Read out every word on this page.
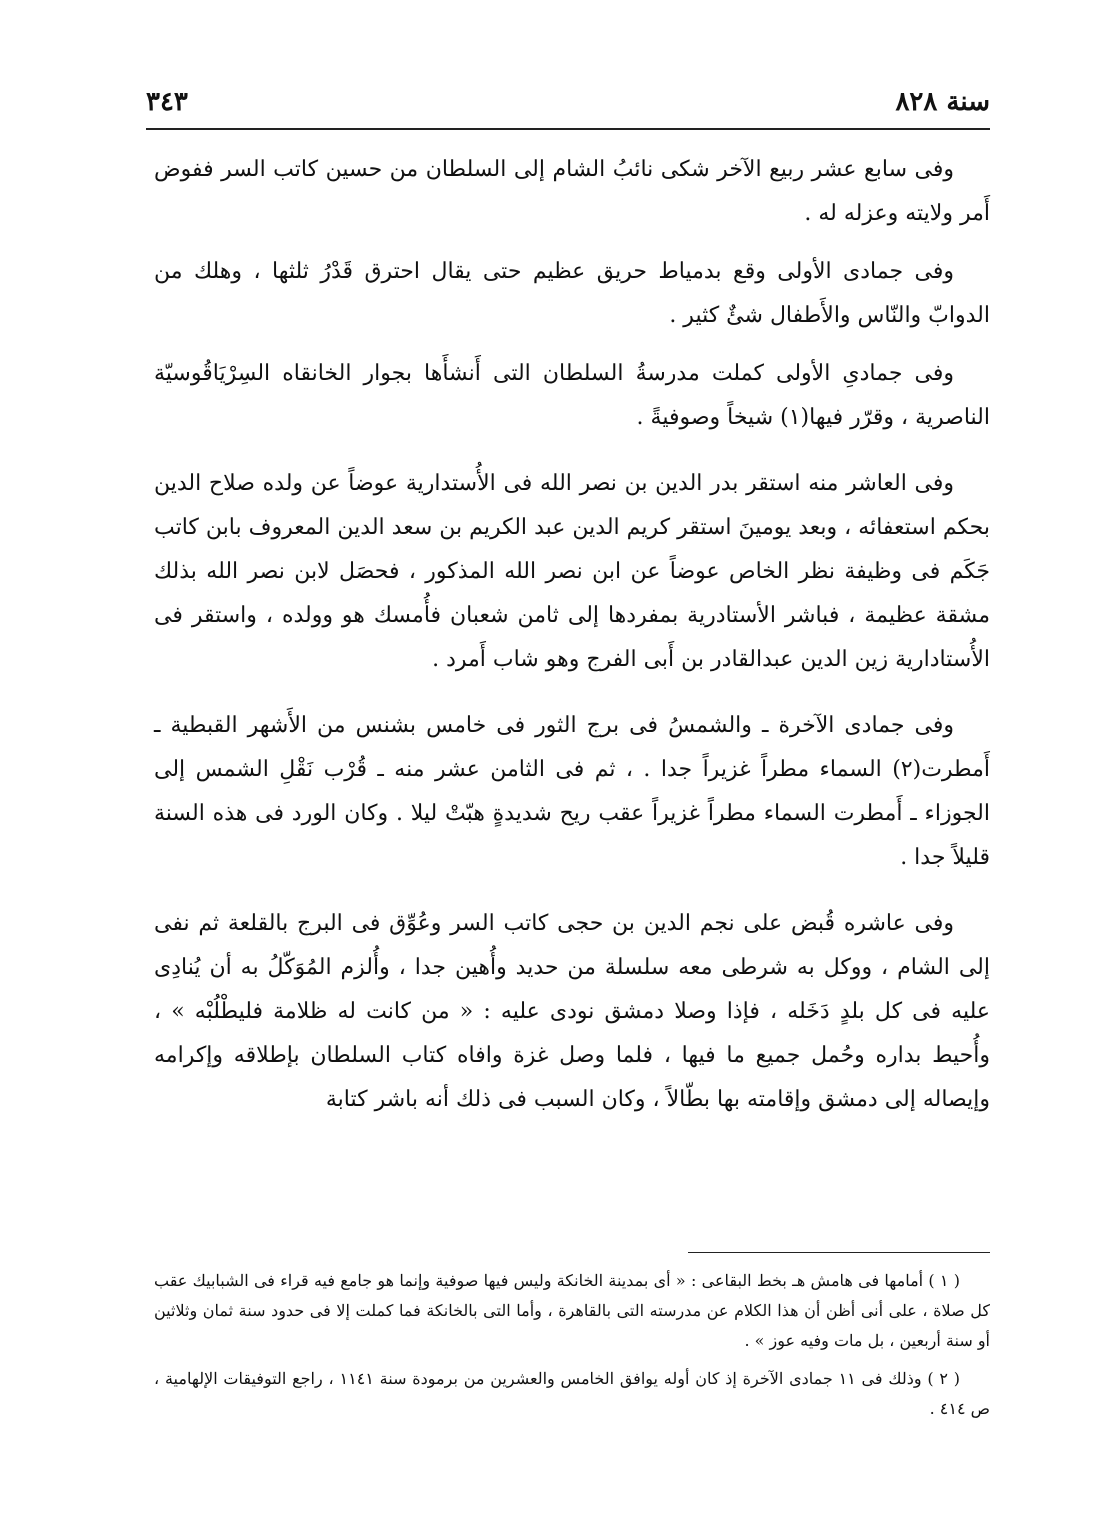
سنة ٨٢٨
٣٤٣

وفى سابع عشر ربيع الآخر شكى نائبُ الشام إلى السلطان من حسين كاتب السر ففوض أَمر ولايته وعزله له .

وفى جمادى الأولى وقع بدمياط حريق عظيم حتى يقال احترق قَدْرُ ثلثها ، وهلك من الدوابّ والنّاس والأَطفال شئٌ كثير .

وفى جمادىِ الأولى كملت مدرسةُ السلطان التى أَنشأَها بجوار الخانقاه السِرْيَاقُوسيّة الناصرية ، وقرّر فيها(١) شيخاً وصوفيةً .

وفى العاشر منه استقر بدر الدين بن نصر الله فى الأُستدارية عوضاً عن ولده صلاح الدين بحكم استعفائه ، وبعد يومينَ استقر كريم الدين عبد الكريم بن سعد الدين المعروف بابن كاتب جَكَم فى وظيفة نظر الخاص عوضاً عن ابن نصر الله المذكور ، فحصَل لابن نصر الله بذلك مشقة عظيمة ، فباشر الأستادرية بمفردها إلى ثامن شعبان فأُمسك هو وولده ، واستقر فى الأُستادارية زين الدين عبدالقادر بن أَبى الفرج وهو شاب أَمرد .

وفى جمادى الآخرة ـ والشمسُ فى برج الثور فى خامس بشنس من الأَشهر القبطية ـ أَمطرت(٢) السماء مطراً غزيراً جدا . ، ثم فى الثامن عشر منه ـ قُرْب نَقْلِ الشمس إلى الجوزاء ـ أَمطرت السماء مطراً غزيراً عقب ريح شديدةٍ هبّتْ ليلا . وكان الورد فى هذه السنة قليلاً جدا .

وفى عاشره قُبض على نجم الدين بن حجى كاتب السر وعُوِّق فى البرج بالقلعة ثم نفى إلى الشام ، ووكل به شرطى معه سلسلة من حديد وأُهين جدا ، وأُلزم المُوَكّلُ به أن يُنادِى عليه فى كل بلدٍ دَخَله ، فإذا وصلا دمشق نودى عليه : « من كانت له ظلامة فليطْلُبْه » ، وأُحيط بداره وحُمل جميع ما فيها ، فلما وصل غزة وافاه كتاب السلطان بإطلاقه وإكرامه وإيصاله إلى دمشق وإقامته بها بطّالاً ، وكان السبب فى ذلك أنه باشر كتابة

( ١ ) أمامها فى هامش هـ بخط البقاعى : « أى بمدينة الخانكة وليس فيها صوفية وإنما هو جامع فيه قراء فى الشبابيك عقب كل صلاة ، على أنى أظن أن هذا الكلام عن مدرسته التى بالقاهرة ، وأما التى بالخانكة فما كملت إلا فى حدود سنة ثمان وثلاثين أو سنة أربعين ، بل مات وفيه عوز » .

( ٢ ) وذلك فى ١١ جمادى الآخرة إذ كان أوله يوافق الخامس والعشرين من برمودة سنة ١١٤١ ، راجع التوفيقات الإلهامية ، ص ٤١٤ .
